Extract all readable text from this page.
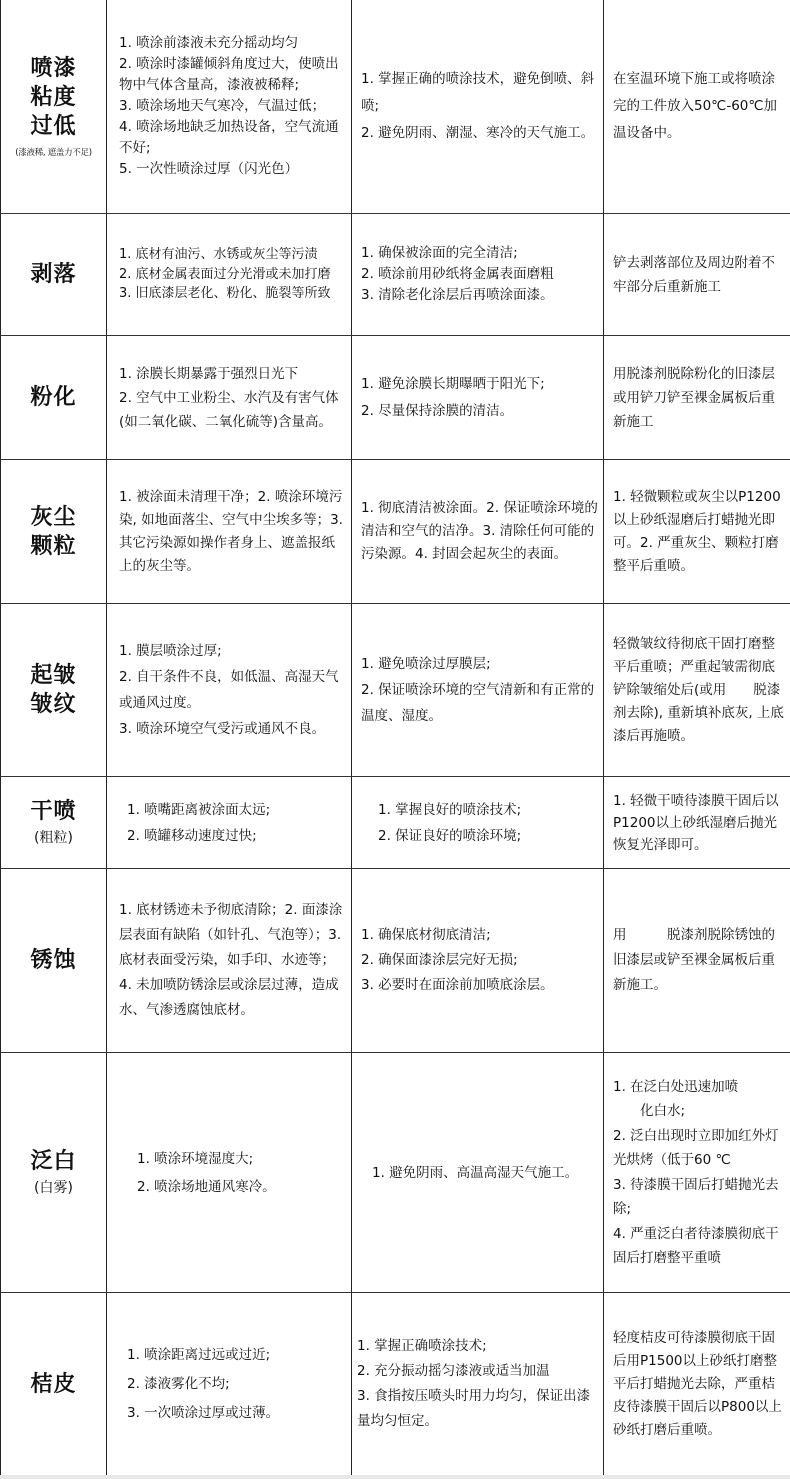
喷漆
粘度
过低
(漆液稀, 遮盖力不足)
1. 喷涂前漆液未充分摇动均匀
2. 喷涂时漆罐倾斜角度过大，使喷出物中气体含量高，漆液被稀释;
3. 喷涂场地天气寒冷，气温过低；
4. 喷涂场地缺乏加热设备，空气流通不好;
5. 一次性喷涂过厚（闪光色）
1. 掌握正确的喷涂技术，避免倒喷、斜喷;
2. 避免阴雨、潮湿、寒冷的天气施工。
在室温环境下施工或将喷涂完的工件放入50℃-60℃加温设备中。
剥落
1. 底材有油污、水锈或灰尘等污渍
2. 底材金属表面过分光滑或未加打磨
3. 旧底漆层老化、粉化、脆裂等所致
1. 确保被涂面的完全清洁;
2. 喷涂前用砂纸将金属表面磨粗
3. 清除老化涂层后再喷涂面漆。
铲去剥落部位及周边附着不牢部分后重新施工
粉化
1. 涂膜长期暴露于强烈日光下
2. 空气中工业粉尘、水汽及有害气体(如二氧化碳、二氧化硫等)含量高。
1. 避免涂膜长期曝晒于阳光下;
2. 尽量保持涂膜的清洁。
用脱漆剂脱除粉化的旧漆层或用铲刀铲至裸金属板后重新施工
灰尘
颗粒
1. 被涂面未清理干净；2. 喷涂环境污染, 如地面落尘、空气中尘埃多等；3. 其它污染源如操作者身上、遮盖报纸上的灰尘等。
1. 彻底清洁被涂面。2. 保证喷涂环境的清洁和空气的洁净。3. 清除任何可能的污染源。4. 封固会起灰尘的表面。
1. 轻微颗粒或灰尘以P1200以上砂纸湿磨后打蜡抛光即可。2. 严重灰尘、颗粒打磨整平后重喷。
起皱
皱纹
1. 膜层喷涂过厚;
2. 自干条件不良，如低温、高湿天气或通风过度。
3. 喷涂环境空气受污或通风不良。
1. 避免喷涂过厚膜层;
2. 保证喷涂环境的空气清新和有正常的温度、湿度。
轻微皱纹待彻底干固打磨整平后重喷；严重起皱需彻底铲除皱缩处后(或用　　脱漆剂去除), 重新填补底灰, 上底漆后再施喷。
干喷
(粗粒)
1. 喷嘴距离被涂面太远;
2. 喷罐移动速度过快;
1. 掌握良好的喷涂技术;
2. 保证良好的喷涂环境;
1. 轻微干喷待漆膜干固后以P1200以上砂纸湿磨后抛光恢复光泽即可。
锈蚀
1. 底材锈迹未予彻底清除；2. 面漆涂层表面有缺陷（如针孔、气泡等）；3. 底材表面受污染，如手印、水迹等；4. 未加喷防锈涂层或涂层过薄，造成水、气渗透腐蚀底材。
1. 确保底材彻底清洁;
2. 确保面漆涂层完好无损;
3. 必要时在面涂前加喷底涂层。
用　　　脱漆剂脱除锈蚀的旧漆层或铲至裸金属板后重新施工。
泛白
(白雾)
1. 喷涂环境湿度大;
2. 喷涂场地通风寒冷。
1. 避免阴雨、高温高湿天气施工。
1. 在泛白处迅速加喷
　　化白水;
2. 泛白出现时立即加红外灯光烘烤（低于60 ℃
3. 待漆膜干固后打蜡抛光去除;
4. 严重泛白者待漆膜彻底干固后打磨整平重喷
桔皮
1. 喷涂距离过远或过近;
2. 漆液雾化不均;
3. 一次喷涂过厚或过薄。
1. 掌握正确喷涂技术;
2. 充分振动摇匀漆液或适当加温
3. 食指按压喷头时用力均匀，保证出漆量均匀恒定。
轻度桔皮可待漆膜彻底干固后用P1500以上砂纸打磨整平后打蜡抛光去除，严重桔皮待漆膜干固后以P800以上砂纸打磨后重喷。
